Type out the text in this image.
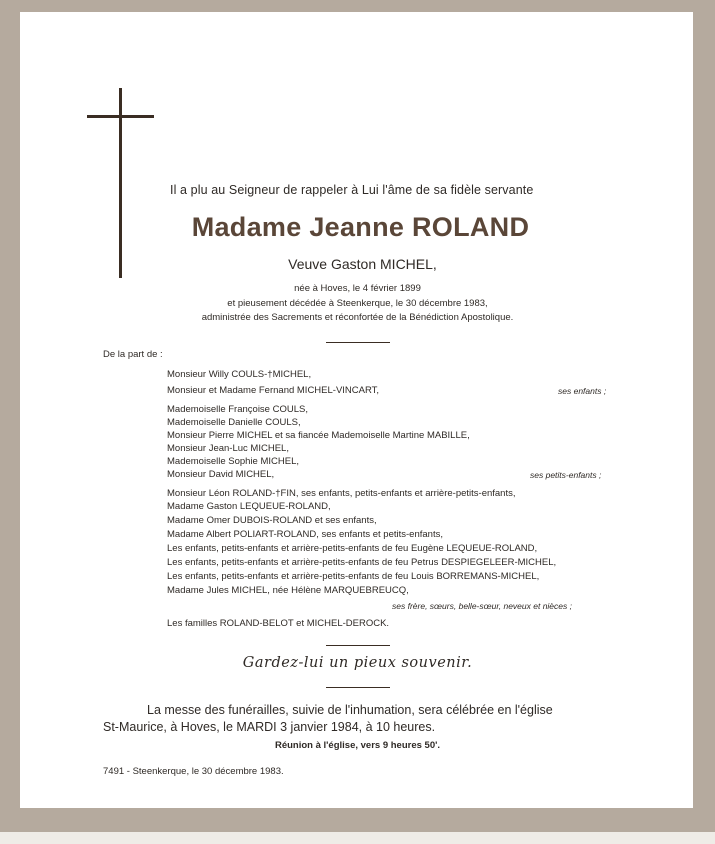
Il a plu au Seigneur de rappeler à Lui l'âme de sa fidèle servante
Madame Jeanne ROLAND
Veuve Gaston MICHEL,
née à Hoves, le 4 février 1899
et pieusement décédée à Steenkerque, le 30 décembre 1983,
administrée des Sacrements et réconfortée de la Bénédiction Apostolique.
De la part de :
Monsieur Willy COULS-†MICHEL,
Monsieur et Madame Fernand MICHEL-VINCART,	ses enfants ;
Mademoiselle Françoise COULS,
Mademoiselle Danielle COULS,
Monsieur Pierre MICHEL et sa fiancée Mademoiselle Martine MABILLE,
Monsieur Jean-Luc MICHEL,
Mademoiselle Sophie MICHEL,
Monsieur David MICHEL,	ses petits-enfants ;
Monsieur Léon ROLAND-†FIN, ses enfants, petits-enfants et arrière-petits-enfants,
Madame Gaston LEQUEUE-ROLAND,
Madame Omer DUBOIS-ROLAND et ses enfants,
Madame Albert POLIART-ROLAND, ses enfants et petits-enfants,
Les enfants, petits-enfants et arrière-petits-enfants de feu Eugène LEQUEUE-ROLAND,
Les enfants, petits-enfants et arrière-petits-enfants de feu Petrus DESPIEGELEER-MICHEL,
Les enfants, petits-enfants et arrière-petits-enfants de feu Louis BORREMANS-MICHEL,
Madame Jules MICHEL, née Hélène MARQUEBREUCQ,
ses frère, sœurs, belle-sœur, neveux et nièces ;
Les familles ROLAND-BELOT et MICHEL-DEROCK.
Gardez-lui un pieux souvenir.
La messe des funérailles, suivie de l'inhumation, sera célébrée en l'église
St-Maurice, à Hoves, le MARDI 3 janvier 1984, à 10 heures.
Réunion à l'église, vers 9 heures 50'.
7491 - Steenkerque, le 30 décembre 1983.
